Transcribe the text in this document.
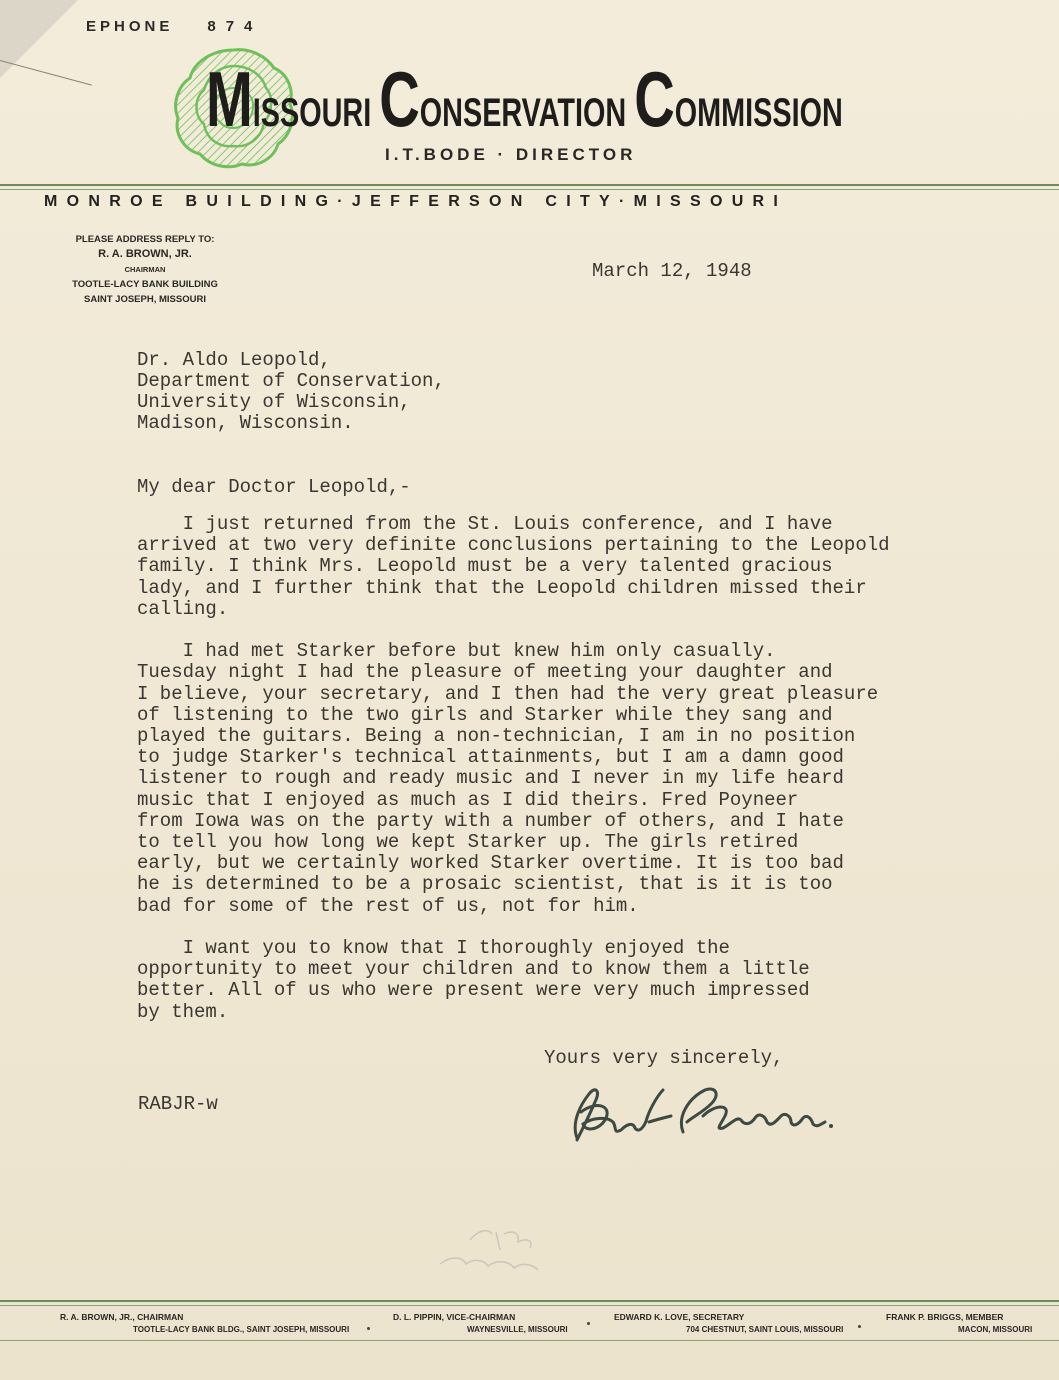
EPHONE 874
MISSOURI CONSERVATION COMMISSION
I.T.BODE · DIRECTOR
MONROE BUILDING·JEFFERSON CITY·MISSOURI
PLEASE ADDRESS REPLY TO:
R. A. BROWN, JR.
CHAIRMAN
TOOTLE-LACY BANK BUILDING
SAINT JOSEPH, MISSOURI
March 12, 1948
Dr. Aldo Leopold,
Department of Conservation,
University of Wisconsin,
Madison, Wisconsin.
My dear Doctor Leopold,-
I just returned from the St. Louis conference, and I have
arrived at two very definite conclusions pertaining to the Leopold
family. I think Mrs. Leopold must be a very talented gracious
lady, and I further think that the Leopold children missed their
calling.

I had met Starker before but knew him only casually.
Tuesday night I had the pleasure of meeting your daughter and
I believe, your secretary, and I then had the very great pleasure
of listening to the two girls and Starker while they sang and
played the guitars. Being a non-technician, I am in no position
to judge Starker's technical attainments, but I am a damn good
listener to rough and ready music and I never in my life heard
music that I enjoyed as much as I did theirs. Fred Poyneer
from Iowa was on the party with a number of others, and I hate
to tell you how long we kept Starker up. The girls retired
early, but we certainly worked Starker overtime. It is too bad
he is determined to be a prosaic scientist, that is it is too
bad for some of the rest of us, not for him.

I want you to know that I thoroughly enjoyed the
opportunity to meet your children and to know them a little
better. All of us who were present were very much impressed
by them.
Yours very sincerely,
RABJR-w
R. A. BROWN, JR., CHAIRMAN
TOOTLE-LACY BANK BLDG., SAINT JOSEPH, MISSOURI
D. L. PIPPIN, VICE-CHAIRMAN
WAYNESVILLE, MISSOURI
EDWARD K. LOVE, SECRETARY
704 CHESTNUT, SAINT LOUIS, MISSOURI
FRANK P. BRIGGS, MEMBER
MACON, MISSOURI
